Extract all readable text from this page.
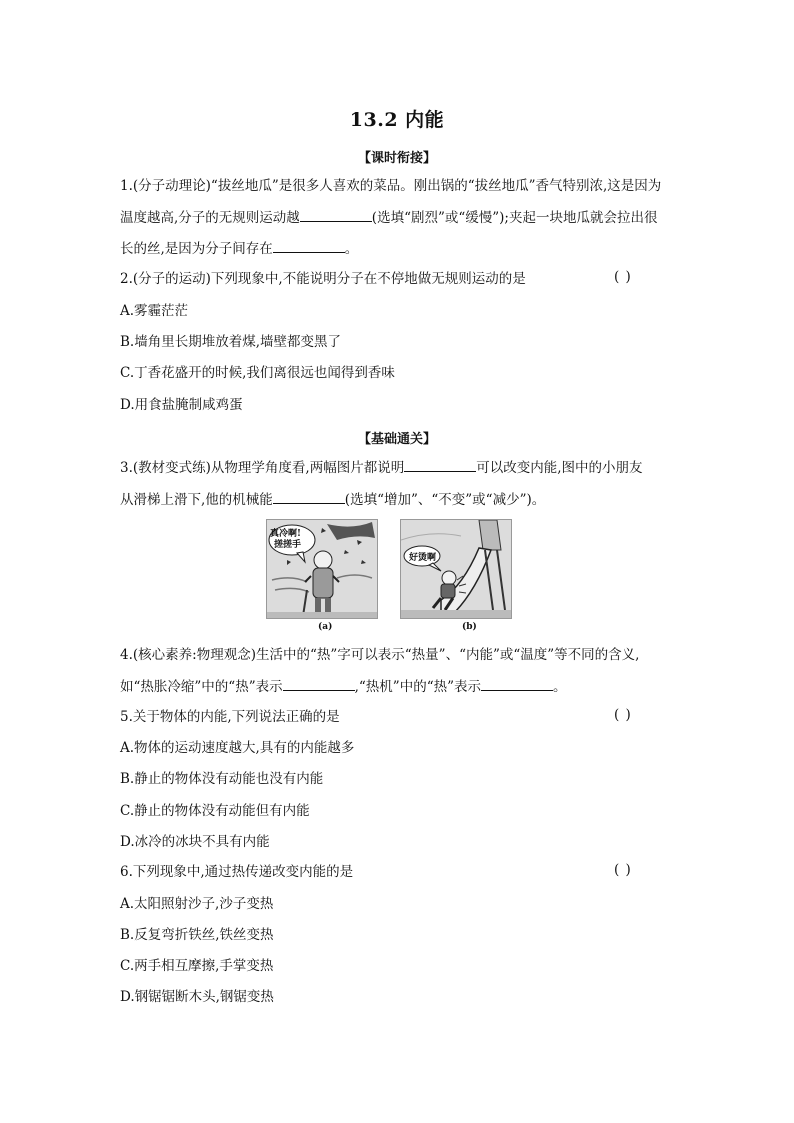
13.2 内能
【课时衔接】
1.(分子动理论)“拔丝地瓜”是很多人喜欢的菜品。刚出锅的“拔丝地瓜”香气特别浓,这是因为
温度越高,分子的无规则运动越	(选填“剧烈”或“缓慢”);夹起一块地瓜就会拉出很
长的丝,是因为分子间存在	。
2.(分子的运动)下列现象中,不能说明分子在不停地做无规则运动的是	( )
A.雾霾茫茫
B.墙角里长期堆放着煤,墙壁都变黑了
C.丁香花盛开的时候,我们离很远也闻得到香味
D.用食盐腌制咸鸡蛋
【基础通关】
3.(教材变式练)从物理学角度看,两幅图片都说明	可以改变内能,图中的小朋友
从滑梯上滑下,他的机械能	(选填“增加”、“不变”或“减少”)。
真冷啊!
搓搓手
(a)
好烫啊
(b)
4.(核心素养:物理观念)生活中的“热”字可以表示“热量”、“内能”或“温度”等不同的含义,
如“热胀冷缩”中的“热”表示	,“热机”中的“热”表示	。
5.关于物体的内能,下列说法正确的是	( )
A.物体的运动速度越大,具有的内能越多
B.静止的物体没有动能也没有内能
C.静止的物体没有动能但有内能
D.冰冷的冰块不具有内能
6.下列现象中,通过热传递改变内能的是	( )
A.太阳照射沙子,沙子变热
B.反复弯折铁丝,铁丝变热
C.两手相互摩擦,手掌变热
D.钢锯锯断木头,钢锯变热
